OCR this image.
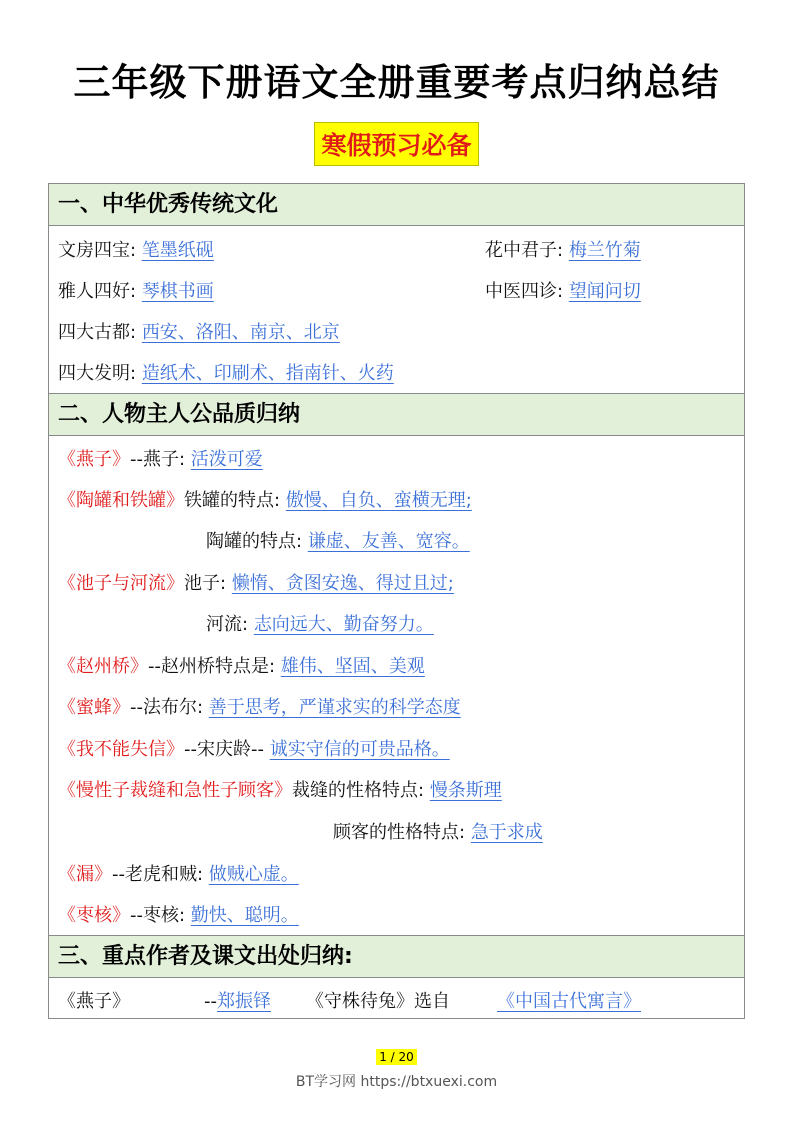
三年级下册语文全册重要考点归纳总结
寒假预习必备
一、中华优秀传统文化
文房四宝: 笔墨纸砚	花中君子: 梅兰竹菊
雅人四好: 琴棋书画	中医四诊: 望闻问切
四大古都: 西安、洛阳、南京、北京
四大发明: 造纸术、印刷术、指南针、火药
二、人物主人公品质归纳
《燕子》--燕子: 活泼可爱
《陶罐和铁罐》铁罐的特点: 傲慢、自负、蛮横无理;
陶罐的特点: 谦虚、友善、宽容。
《池子与河流》池子: 懒惰、贪图安逸、得过且过;
河流: 志向远大、勤奋努力。
《赵州桥》--赵州桥特点是: 雄伟、坚固、美观
《蜜蜂》--法布尔: 善于思考，严谨求实的科学态度
《我不能失信》--宋庆龄-- 诚实守信的可贵品格。
《慢性子裁缝和急性子顾客》裁缝的性格特点: 慢条斯理
顾客的性格特点: 急于求成
《漏》--老虎和贼: 做贼心虚。
《枣核》--枣核: 勤快、聪明。
三、重点作者及课文出处归纳:
《燕子》	--郑振铎 《守株待兔》选自	《中国古代寓言》
1 / 20
BT学习网 https://btxuexi.com
